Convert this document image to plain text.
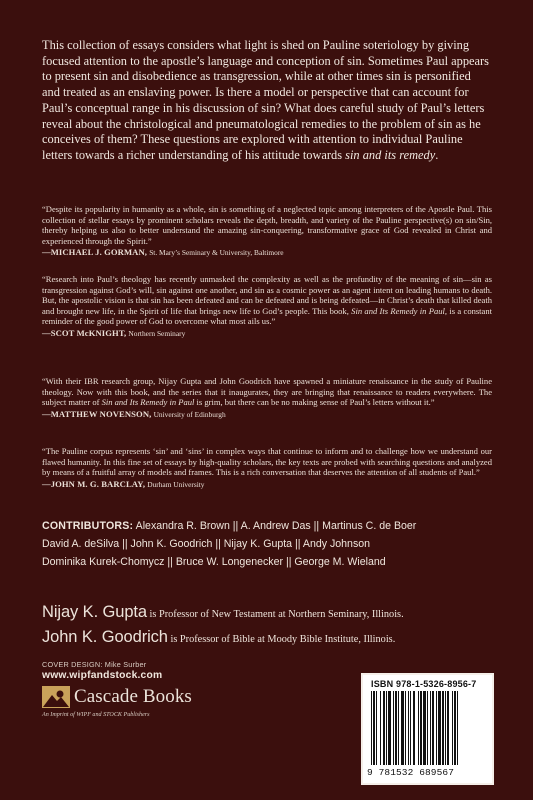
This collection of essays considers what light is shed on Pauline soteriology by giving focused attention to the apostle’s language and conception of sin. Sometimes Paul appears to present sin and disobedience as transgression, while at other times sin is personified and treated as an enslaving power. Is there a model or perspective that can account for Paul’s conceptual range in his discussion of sin? What does careful study of Paul’s letters reveal about the christological and pneumatological remedies to the problem of sin as he conceives of them? These questions are explored with attention to individual Pauline letters towards a richer understanding of his attitude towards sin and its remedy.

“Despite its popularity in humanity as a whole, sin is something of a neglected topic among interpreters of the Apostle Paul. This collection of stellar essays by prominent scholars reveals the depth, breadth, and variety of the Pauline perspective(s) on sin/Sin, thereby helping us also to better understand the amazing sin-conquering, transformative grace of God revealed in Christ and experienced through the Spirit.”

—MICHAEL J. GORMAN, St. Mary’s Seminary & University, Baltimore

“Research into Paul’s theology has recently unmasked the complexity as well as the profundity of the meaning of sin—sin as transgression against God’s will, sin against one another, and sin as a cosmic power as an agent intent on leading humans to death. But, the apostolic vision is that sin has been defeated and can be defeated and is being defeated—in Christ’s death that killed death and brought new life, in the Spirit of life that brings new life to God’s people. This book, Sin and Its Remedy in Paul, is a constant reminder of the good power of God to overcome what most ails us.”

—SCOT McKNIGHT, Northern Seminary

“With their IBR research group, Nijay Gupta and John Goodrich have spawned a miniature renaissance in the study of Pauline theology. Now with this book, and the series that it inaugurates, they are bringing that renaissance to readers everywhere. The subject matter of Sin and Its Remedy in Paul is grim, but there can be no making sense of Paul’s letters without it.”

—MATTHEW NOVENSON, University of Edinburgh

“The Pauline corpus represents ‘sin’ and ‘sins’ in complex ways that continue to inform and to challenge how we understand our flawed humanity. In this fine set of essays by high-quality scholars, the key texts are probed with searching questions and analyzed by means of a fruitful array of models and frames. This is a rich conversation that deserves the attention of all students of Paul.”

—JOHN M. G. BARCLAY, Durham University
CONTRIBUTORS: Alexandra R. Brown || A. Andrew Das || Martinus C. de Boer
David A. deSilva || John K. Goodrich || Nijay K. Gupta || Andy Johnson
Dominika Kurek-Chomycz || Bruce W. Longenecker || George M. Wieland
Nijay K. Gupta is Professor of New Testament at Northern Seminary, Illinois.
John K. Goodrich is Professor of Bible at Moody Bible Institute, Illinois.
COVER DESIGN: Mike Surber
www.wipfandstock.com
Cascade Books
An Imprint of WIPF and STOCK Publishers
ISBN 978-1-5326-8956-7
9 781532 689567
